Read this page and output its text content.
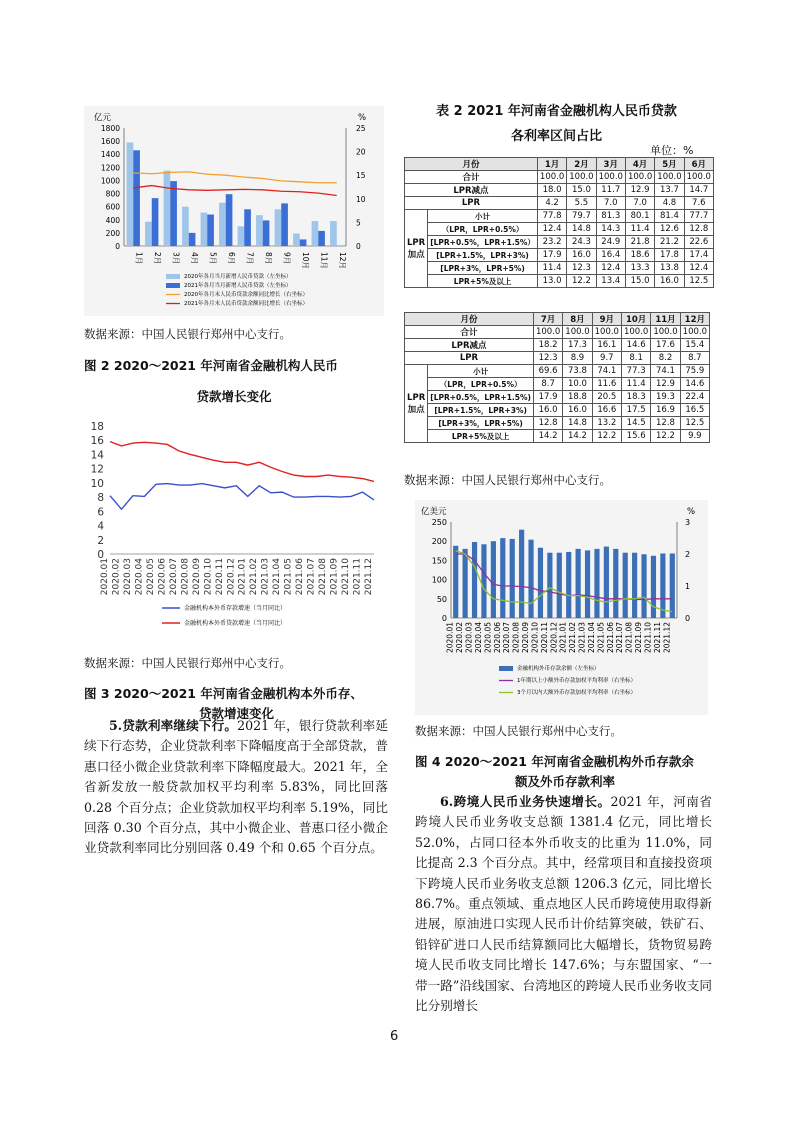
亿元	%
1800
1600
1400
1200
1000
800
600
400
200
0
25
20
15
10
5
0
1月 2月 3月 4月 5月 6月 7月 8月 9月 10月 11月 12月
2020年各月当月新增人民币贷款（左坐标）
2021年各月当月新增人民币贷款（左坐标）
2020年各月末人民币贷款余额同比增长（右坐标）
2021年各月末人民币贷款余额同比增长（右坐标）
数据来源：中国人民银行郑州中心支行。
图 2 2020～2021 年河南省金融机构人民币
贷款增长变化
18
16
14
12
10
8
6
4
2
0
2020.01 2020.02 2020.03 2020.04 2020.05 2020.06 2020.07 2020.08 2020.09 2020.10 2020.11 2020.12 2021.01 2021.02 2021.03 2021.04 2021.05 2021.06 2021.07 2021.08 2021.09 2021.10 2021.11 2021.12
金融机构本外币存款增速（当月同比）
金融机构本外币贷款增速（当月同比）
数据来源：中国人民银行郑州中心支行。
图 3 2020～2021 年河南省金融机构本外币存、
贷款增速变化

5.贷款利率继续下行。2021 年，银行贷款利率延续下行态势，企业贷款利率下降幅度高于全部贷款，普惠口径小微企业贷款利率下降幅度最大。2021 年，全省新发放一般贷款加权平均利率 5.83%，同比回落 0.28 个百分点；企业贷款加权平均利率 5.19%，同比回落 0.30 个百分点，其中小微企业、普惠口径小微企业贷款利率同比分别回落 0.49 个和 0.65 个百分点。

表 2 2021 年河南省金融机构人民币贷款
各利率区间占比
单位：%
月份		1月	2月	3月	4月	5月	6月
合计		100.0	100.0	100.0	100.0	100.0	100.0
LPR减点		18.0	15.0	11.7	12.9	13.7	14.7
LPR		4.2	5.5	7.0	7.0	4.8	7.6
LPR加点	小计	77.8	79.7	81.3	80.1	81.4	77.7
	（LPR，LPR+0.5%）	12.4	14.8	14.3	11.4	12.6	12.8
	[LPR+0.5%，LPR+1.5%）	23.2	24.3	24.9	21.8	21.2	22.6
	[LPR+1.5%，LPR+3%)	17.9	16.0	16.4	18.6	17.8	17.4
	[LPR+3%，LPR+5%)	11.4	12.3	12.4	13.3	13.8	12.4
	LPR+5%及以上	13.0	12.2	13.4	15.0	16.0	12.5
月份		7月	8月	9月	10月	11月	12月
合计		100.0	100.0	100.0	100.0	100.0	100.0
LPR减点		18.2	17.3	16.1	14.6	17.6	15.4
LPR		12.3	8.9	9.7	8.1	8.2	8.7
LPR加点	小计	69.6	73.8	74.1	77.3	74.1	75.9
	（LPR，LPR+0.5%）	8.7	10.0	11.6	11.4	12.9	14.6
	[LPR+0.5%，LPR+1.5%)	17.9	18.8	20.5	18.3	19.3	22.4
	[LPR+1.5%，LPR+3%)	16.0	16.0	16.6	17.5	16.9	16.5
	[LPR+3%，LPR+5%)	12.8	14.8	13.2	14.5	12.8	12.5
	LPR+5%及以上	14.2	14.2	12.2	15.6	12.2	9.9
数据来源：中国人民银行郑州中心支行。
亿美元	%
250
200
150
100
50
0
3
2
1
0
2020.01 2020.02 2020.03 2020.04 2020.05 2020.06 2020.07 2020.08 2020.09 2020.10 2020.11 2020.12 2021.01 2021.02 2021.03 2021.04 2021.05 2021.06 2021.07 2021.08 2021.09 2021.10 2021.11 2021.12
金融机构外币存款余额（左坐标）
1年期以上小额外币存款加权平均利率（右坐标）
3个月以内大额外币存款加权平均利率（右坐标）
数据来源：中国人民银行郑州中心支行。
图 4 2020～2021 年河南省金融机构外币存款余
额及外币存款利率

6.跨境人民币业务快速增长。2021 年，河南省跨境人民币业务收支总额 1381.4 亿元，同比增长 52.0%，占同口径本外币收支的比重为 11.0%，同比提高 2.3 个百分点。其中，经常项目和直接投资项下跨境人民币业务收支总额 1206.3 亿元，同比增长 86.7%。重点领域、重点地区人民币跨境使用取得新进展，原油进口实现人民币计价结算突破，铁矿石、铅锌矿进口人民币结算额同比大幅增长，货物贸易跨境人民币收支同比增长 147.6%；与东盟国家、“一带一路”沿线国家、台湾地区的跨境人民币业务收支同比分别增长

6
